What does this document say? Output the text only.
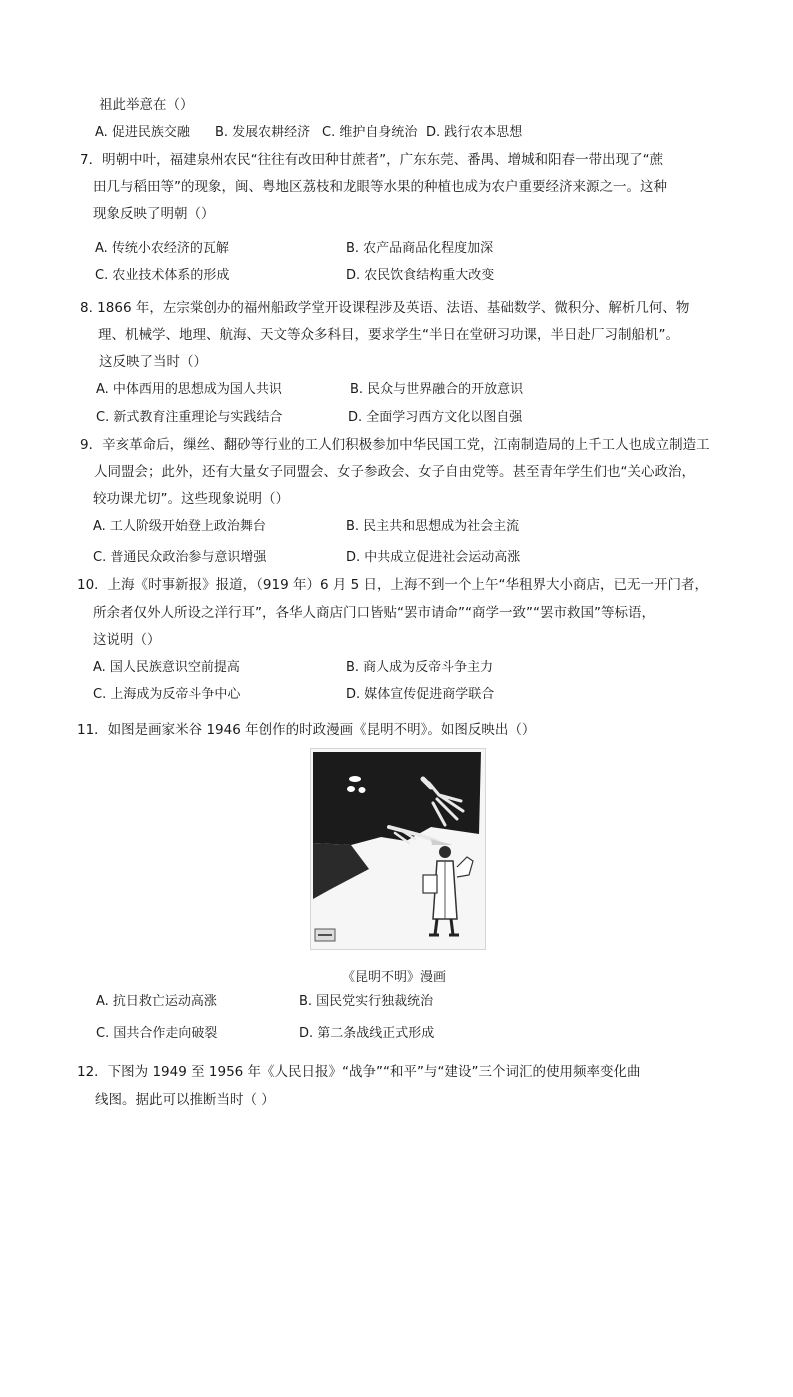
祖此举意在（）
A. 促进民族交融 B. 发展农耕经济 C. 维护自身统治 D. 践行农本思想
7．明朝中叶，福建泉州农民“往往有改田种甘蔗者”，广东东莞、番禺、增城和阳春一带出现了“蔗
田几与稻田等”的现象，闽、粤地区荔枝和龙眼等水果的种植也成为农户重要经济来源之一。这种
现象反映了明朝（）
A. 传统小农经济的瓦解	B. 农产品商品化程度加深
C. 农业技术体系的形成	D. 农民饮食结构重大改变
8. 1866 年，左宗棠创办的福州船政学堂开设课程涉及英语、法语、基础数学、微积分、解析几何、物
理、机械学、地理、航海、天文等众多科目，要求学生“半日在堂研习功课，半日赴厂习制船机”。
这反映了当时（）
A. 中体西用的思想成为国人共识	B. 民众与世界融合的开放意识
C. 新式教育注重理论与实践结合	D. 全面学习西方文化以图自强
9．辛亥革命后，缫丝、翻砂等行业的工人们积极参加中华民国工党，江南制造局的上千工人也成立制造工
人同盟会；此外，还有大量女子同盟会、女子参政会、女子自由党等。甚至青年学生们也“关心政治，
较功课尤切”。这些现象说明（）
A. 工人阶级开始登上政治舞台	B. 民主共和思想成为社会主流
C. 普通民众政治参与意识增强	D. 中共成立促进社会运动高涨
10．上海《时事新报》报道，（919 年）6 月 5 日，上海不到一个上午“华租界大小商店，已无一开门者，
所余者仅外人所设之洋行耳”，各华人商店门口皆贴“罢市请命”“商学一致”“罢市救国”等标语，
这说明（）
A. 国人民族意识空前提高	B. 商人成为反帝斗争主力
C. 上海成为反帝斗争中心	D. 媒体宣传促进商学联合
11．如图是画家米谷 1946 年创作的时政漫画《昆明不明》。如图反映出（）
《昆明不明》漫画
A. 抗日救亡运动高涨	B. 国民党实行独裁统治
C. 国共合作走向破裂	D. 第二条战线正式形成
12．下图为 1949 至 1956 年《人民日报》“战争”“和平”与“建设”三个词汇的使用频率变化曲
线图。据此可以推断当时（ ）
